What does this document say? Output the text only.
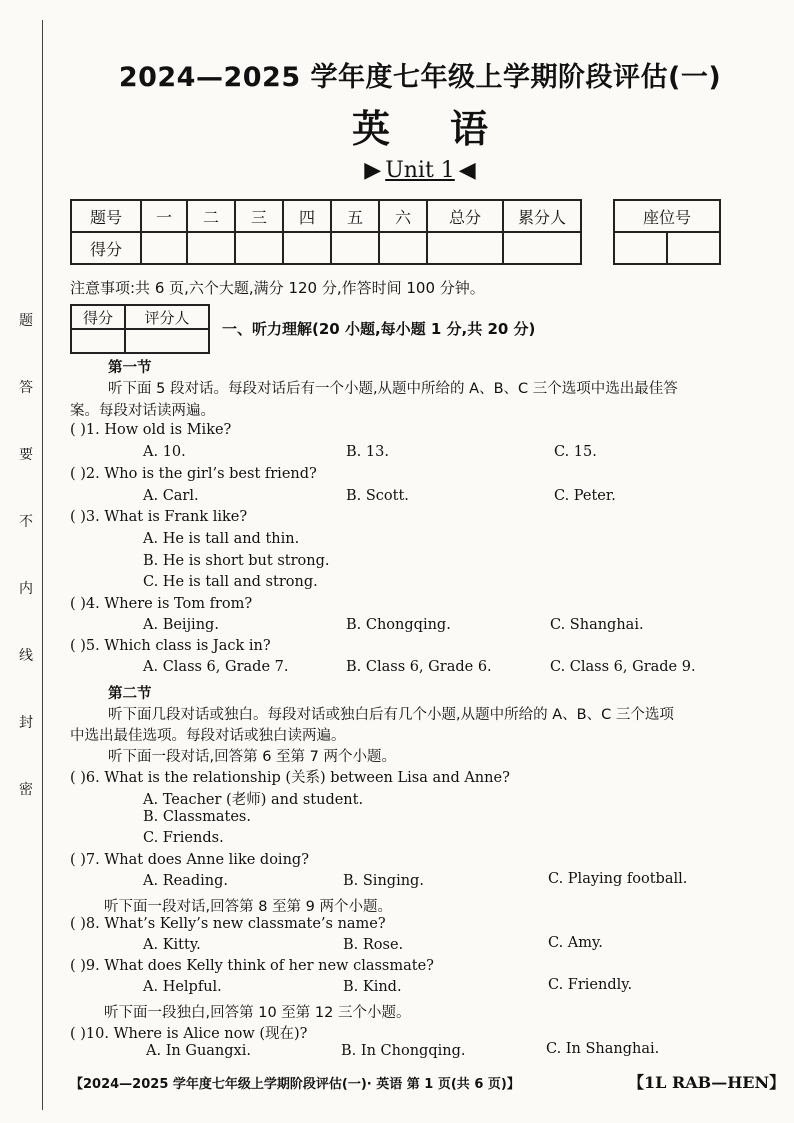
题
答
要
不
内
线
封
密
2024—2025 学年度七年级上学期阶段评估(一)
英语
▶ Unit 1 ◀
题号	一	二	三	四	五	六	总分	累分人
得分								
座位号

注意事项:共 6 页,六个大题,满分 120 分,作答时间 100 分钟。
得分	评分人

一、听力理解(20 小题,每小题 1 分,共 20 分)
第一节
听下面 5 段对话。每段对话后有一个小题,从题中所给的 A、B、C 三个选项中选出最佳答
案。每段对话读两遍。
( )1. How old is Mike?
A. 10.	B. 13.	C. 15.
( )2. Who is the girl’s best friend?
A. Carl.	B. Scott.	C. Peter.
( )3. What is Frank like?
A. He is tall and thin.
B. He is short but strong.
C. He is tall and strong.
( )4. Where is Tom from?
A. Beijing.	B. Chongqing.	C. Shanghai.
( )5. Which class is Jack in?
A. Class 6, Grade 7.	B. Class 6, Grade 6.	C. Class 6, Grade 9.
第二节
听下面几段对话或独白。每段对话或独白后有几个小题,从题中所给的 A、B、C 三个选项
中选出最佳选项。每段对话或独白读两遍。
听下面一段对话,回答第 6 至第 7 两个小题。
( )6. What is the relationship (关系) between Lisa and Anne?
A. Teacher (老师) and student.
B. Classmates.
C. Friends.
( )7. What does Anne like doing?
A. Reading.	B. Singing.	C. Playing football.
听下面一段对话,回答第 8 至第 9 两个小题。
( )8. What’s Kelly’s new classmate’s name?
A. Kitty.	B. Rose.	C. Amy.
( )9. What does Kelly think of her new classmate?
A. Helpful.	B. Kind.	C. Friendly.
听下面一段独白,回答第 10 至第 12 三个小题。
( )10. Where is Alice now (现在)?
A. In Guangxi.	B. In Chongqing.	C. In Shanghai.
【2024—2025 学年度七年级上学期阶段评估(一)· 英语 第 1 页(共 6 页)】	【1L RAB—HEN】
